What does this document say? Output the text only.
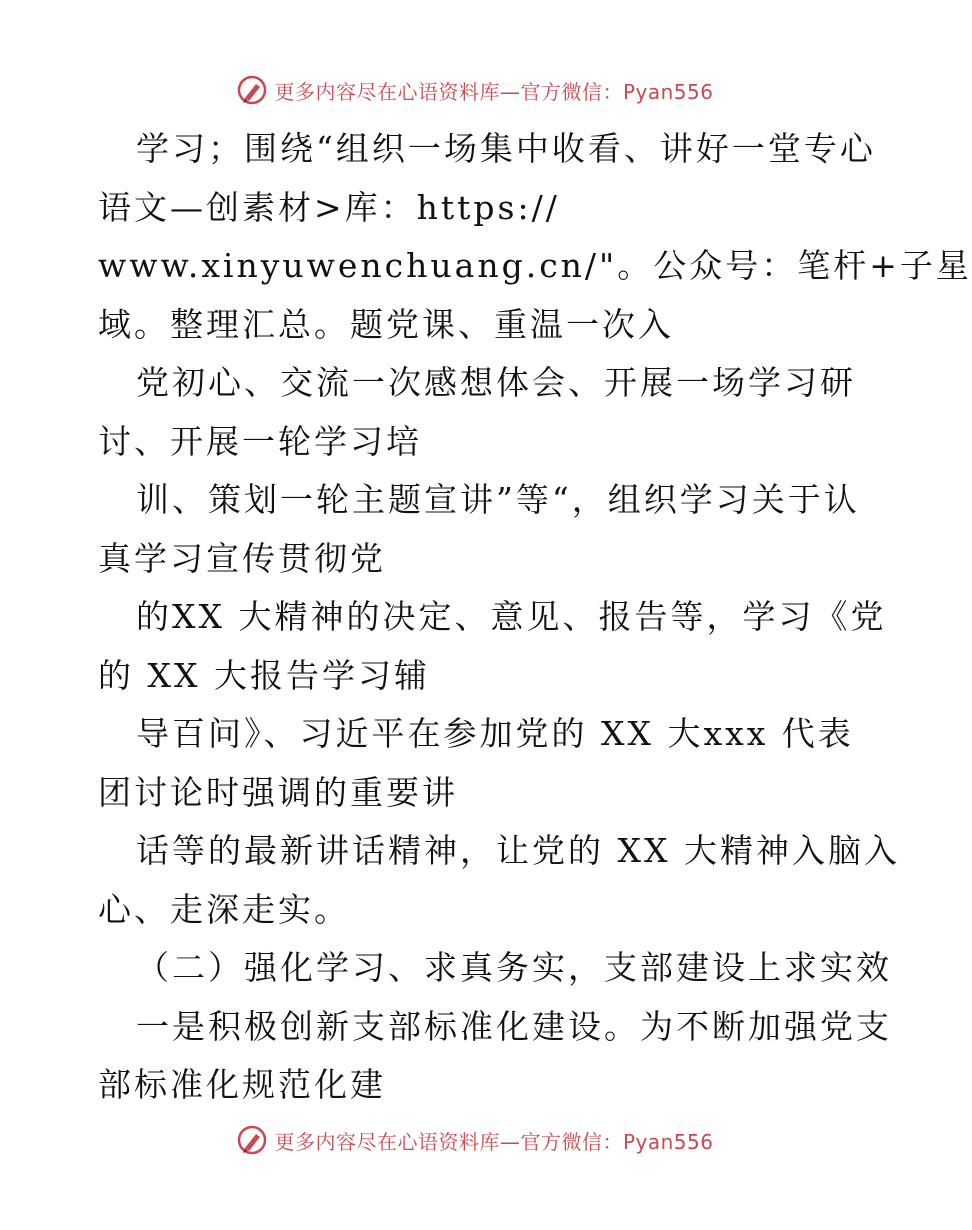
更多内容尽在心语资料库—官方微信：Pyan556
学习；围绕“组织一场集中收看、讲好一堂专心
语文—创素材>库：https://
www.xinyuwenchuang.cn/"。公众号：笔杆+子星
域。整理汇总。题党课、重温一次入
党初心、交流一次感想体会、开展一场学习研
讨、开展一轮学习培
训、策划一轮主题宣讲”等“，组织学习关于认
真学习宣传贯彻党
的XX 大精神的决定、意见、报告等，学习《党
的 XX 大报告学习辅
导百问》、习近平在参加党的 XX 大xxx 代表
团讨论时强调的重要讲
话等的最新讲话精神，让党的 XX 大精神入脑入
心、走深走实。
（二）强化学习、求真务实，支部建设上求实效
一是积极创新支部标准化建设。为不断加强党支
部标准化规范化建
更多内容尽在心语资料库—官方微信：Pyan556
